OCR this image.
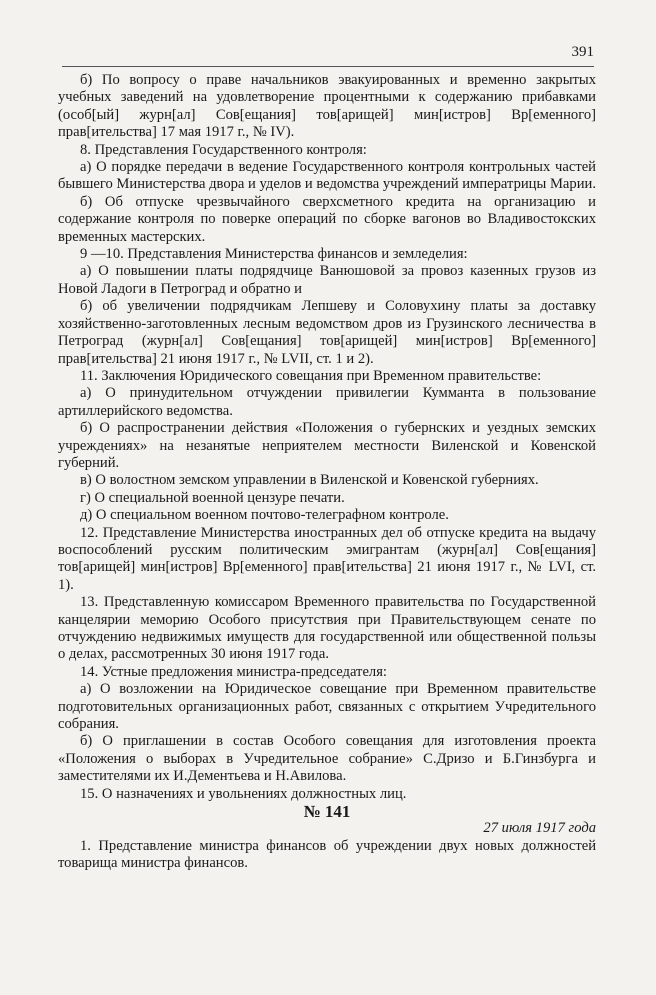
391

б) По вопросу о праве начальников эвакуированных и временно закрытых учебных заведений на удовлетворение процентными к содержанию прибавками (особ[ый] журн[ал] Сов[ещания] тов[арищей] мин[истров] Вр[еменного] прав[ительства] 17 мая 1917 г., № IV).

8. Представления Государственного контроля:

а) О порядке передачи в ведение Государственного контроля контрольных частей бывшего Министерства двора и уделов и ведомства учреждений императрицы Марии.

б) Об отпуске чрезвычайного сверхсметного кредита на организацию и содержание контроля по поверке операций по сборке вагонов во Владивостокских временных мастерских.

9 —10. Представления Министерства финансов и земледелия:

а) О повышении платы подрядчице Ванюшовой за провоз казенных грузов из Новой Ладоги в Петроград и обратно и

б) об увеличении подрядчикам Лепшеву и Соловухину платы за доставку хозяйственно-заготовленных лесным ведомством дров из Грузинского лесничества в Петроград (журн[ал] Сов[ещания] тов[арищей] мин[истров] Вр[еменного] прав[ительства] 21 июня 1917 г., № LVII, ст. 1 и 2).

11. Заключения Юридического совещания при Временном правительстве:

а) О принудительном отчуждении привилегии Кумманта в пользование артиллерийского ведомства.

б) О распространении действия «Положения о губернских и уездных земских учреждениях» на незанятые неприятелем местности Виленской и Ковенской губерний.

в) О волостном земском управлении в Виленской и Ковенской губерниях.

г) О специальной военной цензуре печати.

д) О специальном военном почтово-телеграфном контроле.

12. Представление Министерства иностранных дел об отпуске кредита на выдачу воспособлений русским политическим эмигрантам (журн[ал] Сов[ещания] тов[арищей] мин[истров] Вр[еменного] прав[ительства] 21 июня 1917 г., № LVI, ст. 1).

13. Представленную комиссаром Временного правительства по Государственной канцелярии меморию Особого присутствия при Правительствующем сенате по отчуждению недвижимых имуществ для государственной или общественной пользы о делах, рассмотренных 30 июня 1917 года.

14. Устные предложения министра-председателя:

а) О возложении на Юридическое совещание при Временном правительстве подготовительных организационных работ, связанных с открытием Учредительного собрания.

б) О приглашении в состав Особого совещания для изготовления проекта «Положения о выборах в Учредительное собрание» С.Дризо и Б.Гинзбурга и заместителями их И.Дементьева и Н.Авилова.

15. О назначениях и увольнениях должностных лиц.

№ 141

27 июля 1917 года

1. Представление министра финансов об учреждении двух новых должностей товарища министра финансов.
